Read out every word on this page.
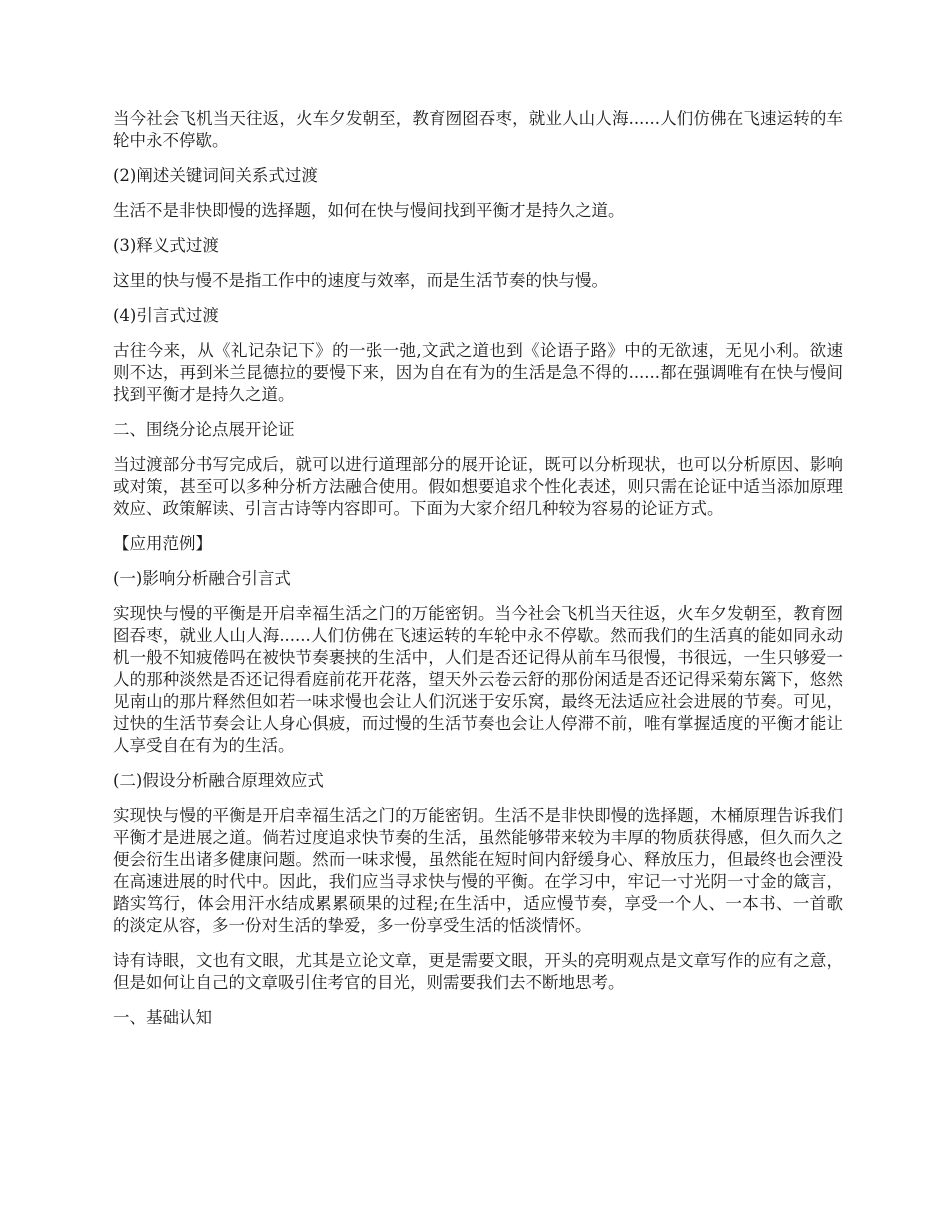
当今社会飞机当天往返，火车夕发朝至，教育囫囵吞枣，就业人山人海......人们仿佛在飞速运转的车轮中永不停歇。

(2)阐述关键词间关系式过渡

生活不是非快即慢的选择题，如何在快与慢间找到平衡才是持久之道。

(3)释义式过渡

这里的快与慢不是指工作中的速度与效率，而是生活节奏的快与慢。

(4)引言式过渡

古往今来，从《礼记杂记下》的一张一弛,文武之道也到《论语子路》中的无欲速，无见小利。欲速则不达，再到米兰昆德拉的要慢下来，因为自在有为的生活是急不得的......都在强调唯有在快与慢间找到平衡才是持久之道。

二、围绕分论点展开论证

当过渡部分书写完成后，就可以进行道理部分的展开论证，既可以分析现状，也可以分析原因、影响或对策，甚至可以多种分析方法融合使用。假如想要追求个性化表述，则只需在论证中适当添加原理效应、政策解读、引言古诗等内容即可。下面为大家介绍几种较为容易的论证方式。

【应用范例】

(一)影响分析融合引言式

实现快与慢的平衡是开启幸福生活之门的万能密钥。当今社会飞机当天往返，火车夕发朝至，教育囫囵吞枣，就业人山人海......人们仿佛在飞速运转的车轮中永不停歇。然而我们的生活真的能如同永动机一般不知疲倦吗在被快节奏裹挟的生活中，人们是否还记得从前车马很慢，书很远，一生只够爱一人的那种淡然是否还记得看庭前花开花落，望天外云卷云舒的那份闲适是否还记得采菊东篱下，悠然见南山的那片释然但如若一味求慢也会让人们沉迷于安乐窝，最终无法适应社会进展的节奏。可见，过快的生活节奏会让人身心俱疲，而过慢的生活节奏也会让人停滞不前，唯有掌握适度的平衡才能让人享受自在有为的生活。

(二)假设分析融合原理效应式

实现快与慢的平衡是开启幸福生活之门的万能密钥。生活不是非快即慢的选择题，木桶原理告诉我们平衡才是进展之道。倘若过度追求快节奏的生活，虽然能够带来较为丰厚的物质获得感，但久而久之便会衍生出诸多健康问题。然而一味求慢，虽然能在短时间内舒缓身心、释放压力，但最终也会湮没在高速进展的时代中。因此，我们应当寻求快与慢的平衡。在学习中，牢记一寸光阴一寸金的箴言，踏实笃行，体会用汗水结成累累硕果的过程;在生活中，适应慢节奏，享受一个人、一本书、一首歌的淡定从容，多一份对生活的挚爱，多一份享受生活的恬淡情怀。

诗有诗眼，文也有文眼，尤其是立论文章，更是需要文眼，开头的亮明观点是文章写作的应有之意，但是如何让自己的文章吸引住考官的目光，则需要我们去不断地思考。

一、基础认知
